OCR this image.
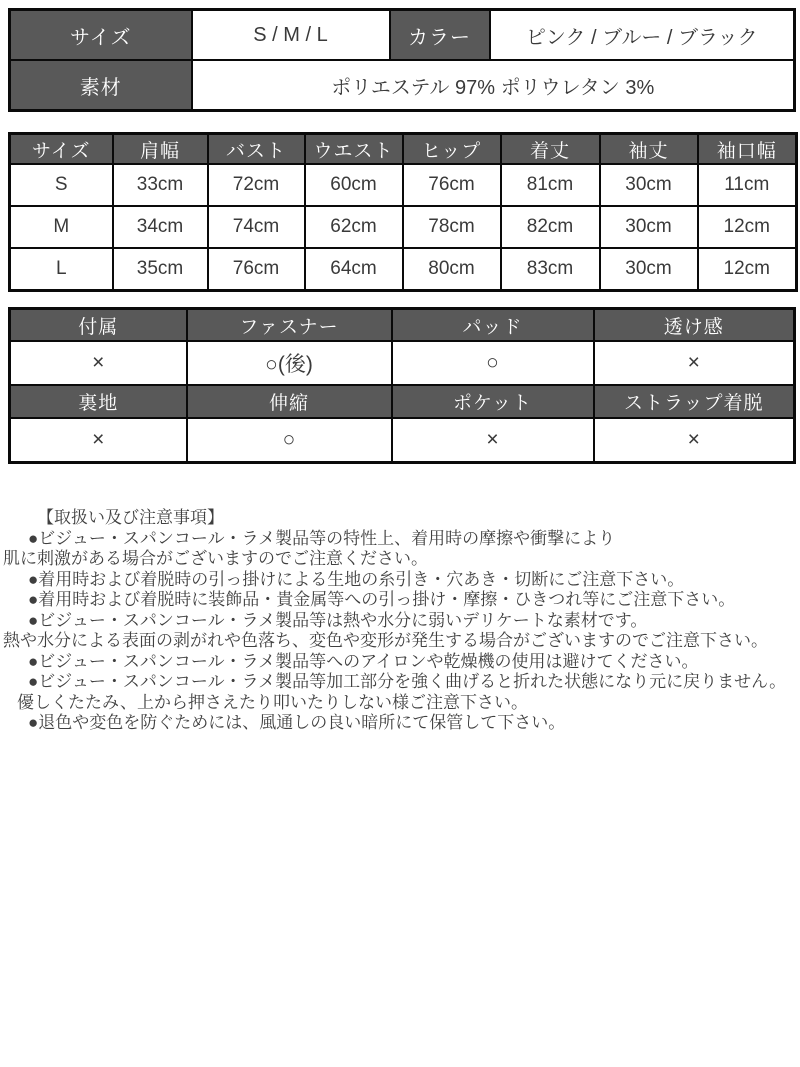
サイズ	S / M / L	カラー	ピンク / ブルー / ブラック
素材	ポリエステル 97% ポリウレタン 3%		
サイズ	肩幅	バスト	ウエスト	ヒップ	着丈	袖丈	袖口幅
S	33cm	72cm	60cm	76cm	81cm	30cm	11cm
M	34cm	74cm	62cm	78cm	82cm	30cm	12cm
L	35cm	76cm	64cm	80cm	83cm	30cm	12cm
付属	ファスナー	パッド	透け感
×	○(後)	○	×
裏地	伸縮	ポケット	ストラップ着脱
×	○	×	×
【取扱い及び注意事項】
●ビジュー・スパンコール・ラメ製品等の特性上、着用時の摩擦や衝撃により
肌に刺激がある場合がございますのでご注意ください。
●着用時および着脱時の引っ掛けによる生地の糸引き・穴あき・切断にご注意下さい。
●着用時および着脱時に装飾品・貴金属等への引っ掛け・摩擦・ひきつれ等にご注意下さい。
●ビジュー・スパンコール・ラメ製品等は熱や水分に弱いデリケートな素材です。
熱や水分による表面の剥がれや色落ち、変色や変形が発生する場合がございますのでご注意下さい。
●ビジュー・スパンコール・ラメ製品等へのアイロンや乾燥機の使用は避けてください。
●ビジュー・スパンコール・ラメ製品等加工部分を強く曲げると折れた状態になり元に戻りません。
優しくたたみ、上から押さえたり叩いたりしない様ご注意下さい。
●退色や変色を防ぐためには、風通しの良い暗所にて保管して下さい。
